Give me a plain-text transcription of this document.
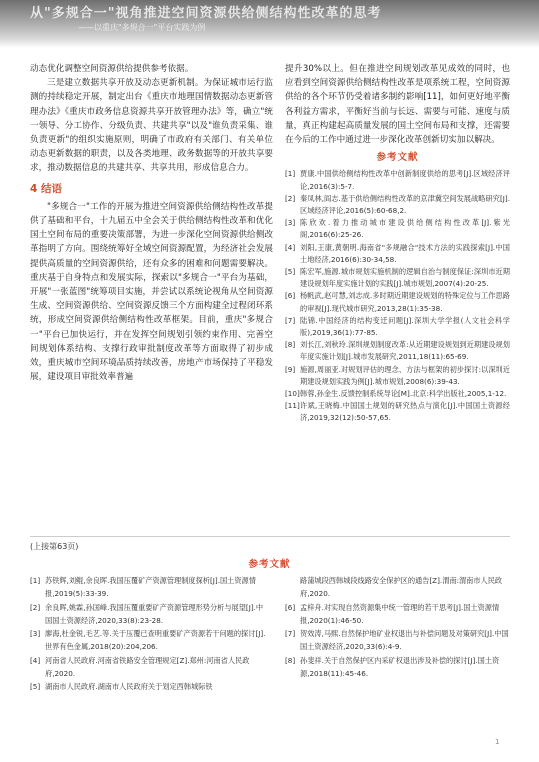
从"多规合一"视角推进空间资源供给侧结构性改革的思考
——以重庆"多规合一"平台实践为例

动态优化调整空间资源供给提供参考依据。

三是建立数据共享开放及动态更新机制。为保证城市运行监测的持续稳定开展，制定出台《重庆市地理国情数据动态更新管理办法》《重庆市政务信息资源共享开放管理办法》等，确立"统一领导、分工协作、分级负责、共建共享"以及"谁负责采集、谁负责更新"的组织实施原则，明确了市政府有关部门、有关单位动态更新数据的职责，以及各类地理、政务数据等的开放共享要求，推动数据信息的共建共享、共享共用，形成信息合力。

4 结语

"多规合一"工作的开展为推进空间资源供给侧结构性改革提供了基础和平台，十九届五中全会关于供给侧结构性改革和优化国土空间布局的重要决策部署，为进一步深化空间资源供给侧改革指明了方向。围绕统筹好全域空间资源配置，为经济社会发展提供高质量的空间资源供给，还有众多的困难和问题需要解决。重庆基于自身特点和发展实际，探索以"多规合一"平台为基础，开展"一张蓝图"统筹项目实施，并尝试以系统论视角从空间资源生成、空间资源供给、空间资源反馈三个方面构建全过程闭环系统，形成空间资源供给侧结构性改革框架。目前，重庆"多规合一"平台已加快运行，并在发挥空间规划引领约束作用、完善空间规划体系结构、支撑行政审批制度改革等方面取得了初步成效，重庆城市空间环境品质持续改善，房地产市场保持了平稳发展，建设项目审批效率普遍

提升30%以上。但在推进空间规划改革见成效的同时，也应看到空间资源供给侧结构性改革是项系统工程，空间资源供给的各个环节仍受着诸多制约影响[11]，如何更好地平衡各利益方需求，平衡好当前与长远、需要与可能、速度与质量，真正构建起高质量发展的国土空间布局和支撑，还需要在今后的工作中通过进一步深化改革创新切实加以解决。

参考文献
[1] 贾康.中国供给侧结构性改革中创新制度供给的思考[J].区域经济评论,2016(3):5-7.
[2] 秦凤林,阎志.基于供给侧结构性改革的京津冀空间发展战略研究[J].区域经济评论,2016(5):60-68,2.
[3] 陈欣欢.着力推动城市建设供给侧结构性改革[J].紫光阁,2016(6):25-26.
[4] 刘阳,王康,黄朝明.海南省"多规融合"技术方法的实践探索[J].中国土地经济,2016(6):30-34,58.
[5] 陈宏军,施源.城市规划实施机制的逻辑自治与制度保证:深圳市近期建设规划年度实施计划的实践[J].城市规划,2007(4):20-25.
[6] 杨帆武,赵可慧,刘志成.多时期近期建设规划的特殊定位与工作思路的审视[J].现代城市研究,2013,28(1):35-38.
[7] 陆锦.中国经济的结构变迁问题[J].深圳大学学报(人文社会科学版),2019,36(1):77-85.
[8] 刘长江,刘秋玲.深圳规划制度改革:从近期建设规划到近期建设规划年度实施计划[J].城市发展研究,2011,18(11):65-69.
[9] 施源,周丽亚.对规划评估的理念、方法与框架的初步探讨:以深圳近期建设规划实践为例[J].城市规划,2008(6):39-43.
[10] 韩蓉,孙金生.反馈控制系统导论[M].北京:科学出版社,2005,1-12.
[11] 许斌,王晓梅.中国国土规划的研究热点与演化[J].中国国土资源经济,2019,32(12):50-57,65.
(上接第63页)
参考文献
[1] 苏铁辉,刘鲲,余良晖.我国压覆矿产资源管理制度探析[J].国土资源情报,2019(5):33-39.
[2] 余良晖,姚霖,孙国峰.我国压覆重要矿产资源管理形势分析与展望[J].中国国土资源经济,2020,33(8):23-28.
[3] 廖海,杜金锐,毛艺.等.关于压覆已查明重要矿产资源若干问题的探讨[J].世界有色金属,2018(20):204,206.
[4] 河南省人民政府.河南省铁路安全管理规定[Z].郑州:河南省人民政府,2020.
[5] 湖南市人民政府.湖南市人民政府关于划定西韩城际铁
路蒲城段西韩城段线路安全保护区的通告[Z].渭南:渭南市人民政府,2020.
[6] 孟梓舟.对实现自然资源集中统一管理的若干思考[J].国土资源情报,2020(1):46-50.
[7] 贺效涛,马熙.自然保护地矿业权退出与补偿问题及对策研究[J].中国国土资源经济,2020,33(6):4-9.
[8] 孙斐祥.关于自然保护区内采矿权退出涉及补偿的探讨[J].国土资源,2018(11):45-46.
1
